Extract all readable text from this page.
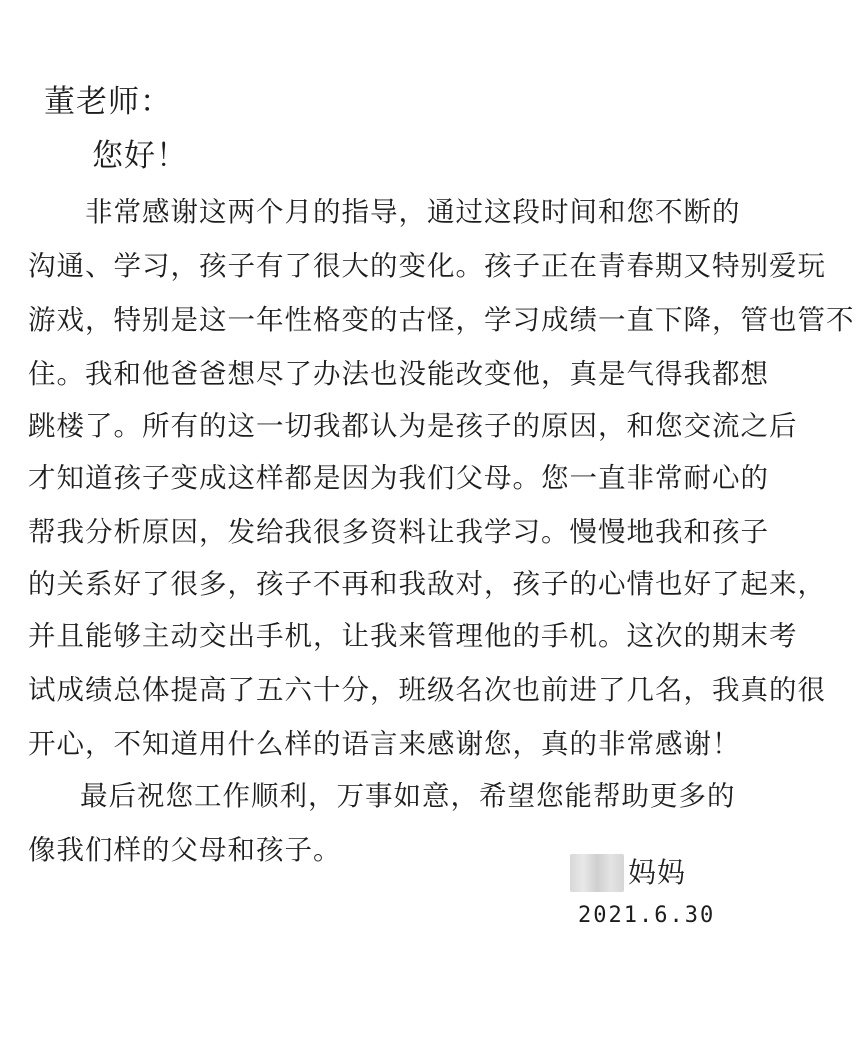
董老师：
您好！
非常感谢这两个月的指导，通过这段时间和您不断的
沟通、学习，孩子有了很大的变化。孩子正在青春期又特别爱玩
游戏，特别是这一年性格变的古怪，学习成绩一直下降，管也管不
住。我和他爸爸想尽了办法也没能改变他，真是气得我都想
跳楼了。所有的这一切我都认为是孩子的原因，和您交流之后
才知道孩子变成这样都是因为我们父母。您一直非常耐心的
帮我分析原因，发给我很多资料让我学习。慢慢地我和孩子
的关系好了很多，孩子不再和我敌对，孩子的心情也好了起来，
并且能够主动交出手机，让我来管理他的手机。这次的期末考
试成绩总体提高了五六十分，班级名次也前进了几名，我真的很
开心，不知道用什么样的语言来感谢您，真的非常感谢！
最后祝您工作顺利，万事如意，希望您能帮助更多的
像我们样的父母和孩子。
妈妈
2021.6.30
